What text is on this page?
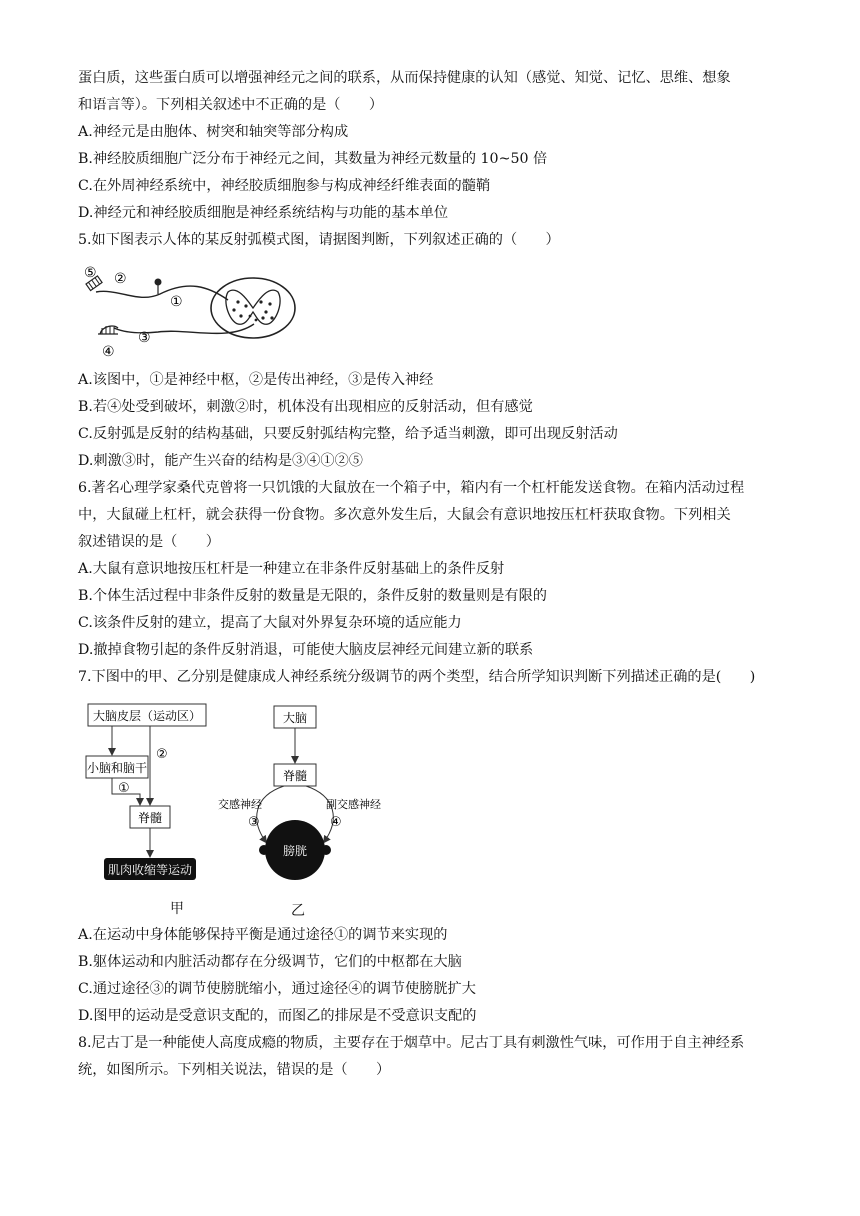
蛋白质，这些蛋白质可以增强神经元之间的联系，从而保持健康的认知（感觉、知觉、记忆、思维、想象
和语言等）。下列相关叙述中不正确的是（　　）
A.神经元是由胞体、树突和轴突等部分构成
B.神经胶质细胞广泛分布于神经元之间，其数量为神经元数量的 10~50 倍
C.在外周神经系统中，神经胶质细胞参与构成神经纤维表面的髓鞘
D.神经元和神经胶质细胞是神经系统结构与功能的基本单位
5.如下图表示人体的某反射弧模式图，请据图判断，下列叙述正确的（　　）
⑤ ②
①
③
④
A.该图中，①是神经中枢，②是传出神经，③是传入神经
B.若④处受到破坏，刺激②时，机体没有出现相应的反射活动，但有感觉
C.反射弧是反射的结构基础，只要反射弧结构完整，给予适当刺激，即可出现反射活动
D.刺激③时，能产生兴奋的结构是③④①②⑤
6.著名心理学家桑代克曾将一只饥饿的大鼠放在一个箱子中，箱内有一个杠杆能发送食物。在箱内活动过程
中，大鼠碰上杠杆，就会获得一份食物。多次意外发生后，大鼠会有意识地按压杠杆获取食物。下列相关
叙述错误的是（　　）
A.大鼠有意识地按压杠杆是一种建立在非条件反射基础上的条件反射
B.个体生活过程中非条件反射的数量是无限的，条件反射的数量则是有限的
C.该条件反射的建立，提高了大鼠对外界复杂环境的适应能力
D.撤掉食物引起的条件反射消退，可能使大脑皮层神经元间建立新的联系
7.下图中的甲、乙分别是健康成人神经系统分级调节的两个类型，结合所学知识判断下列描述正确的是(　　)
大脑皮层（运动区）
小脑和脑干
脊髓
肌肉收缩等运动
②
①
甲
大脑
脊髓
膀胱
交感神经	副交感神经
③	④
乙
A.在运动中身体能够保持平衡是通过途径①的调节来实现的
B.躯体运动和内脏活动都存在分级调节，它们的中枢都在大脑
C.通过途径③的调节使膀胱缩小，通过途径④的调节使膀胱扩大
D.图甲的运动是受意识支配的，而图乙的排尿是不受意识支配的
8.尼古丁是一种能使人高度成瘾的物质，主要存在于烟草中。尼古丁具有刺激性气味，可作用于自主神经系
统，如图所示。下列相关说法，错误的是（　　）
